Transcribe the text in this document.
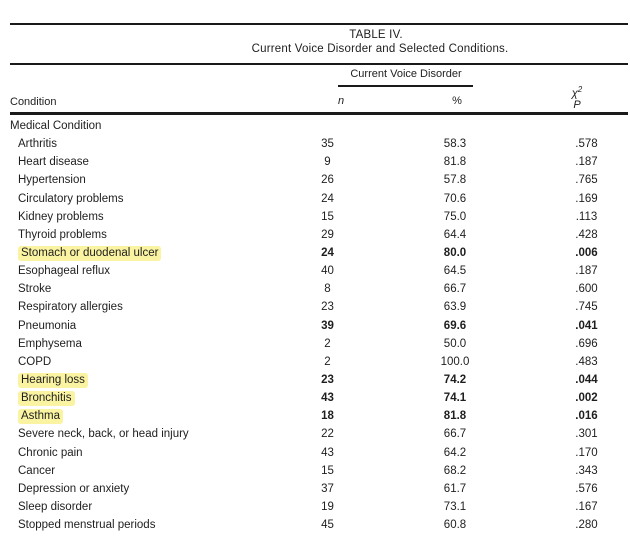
TABLE IV.
Current Voice Disorder and Selected Conditions.
Current Voice Disorder
Condition	n	%
$\chi^2$
P
Medical Condition
Arthritis	35	58.3	.578
Heart disease	9	81.8	.187
Hypertension	26	57.8	.765
Circulatory problems	24	70.6	.169
Kidney problems	15	75.0	.113
Thyroid problems	29	64.4	.428
Stomach or duodenal ulcer	24	80.0	.006
Esophageal reflux	40	64.5	.187
Stroke	8	66.7	.600
Respiratory allergies	23	63.9	.745
Pneumonia	39	69.6	.041
Emphysema	2	50.0	.696
COPD	2	100.0	.483
Hearing loss	23	74.2	.044
Bronchitis	43	74.1	.002
Asthma	18	81.8	.016
Severe neck, back, or head injury	22	66.7	.301
Chronic pain	43	64.2	.170
Cancer	15	68.2	.343
Depression or anxiety	37	61.7	.576
Sleep disorder	19	73.1	.167
Stopped menstrual periods	45	60.8	.280
